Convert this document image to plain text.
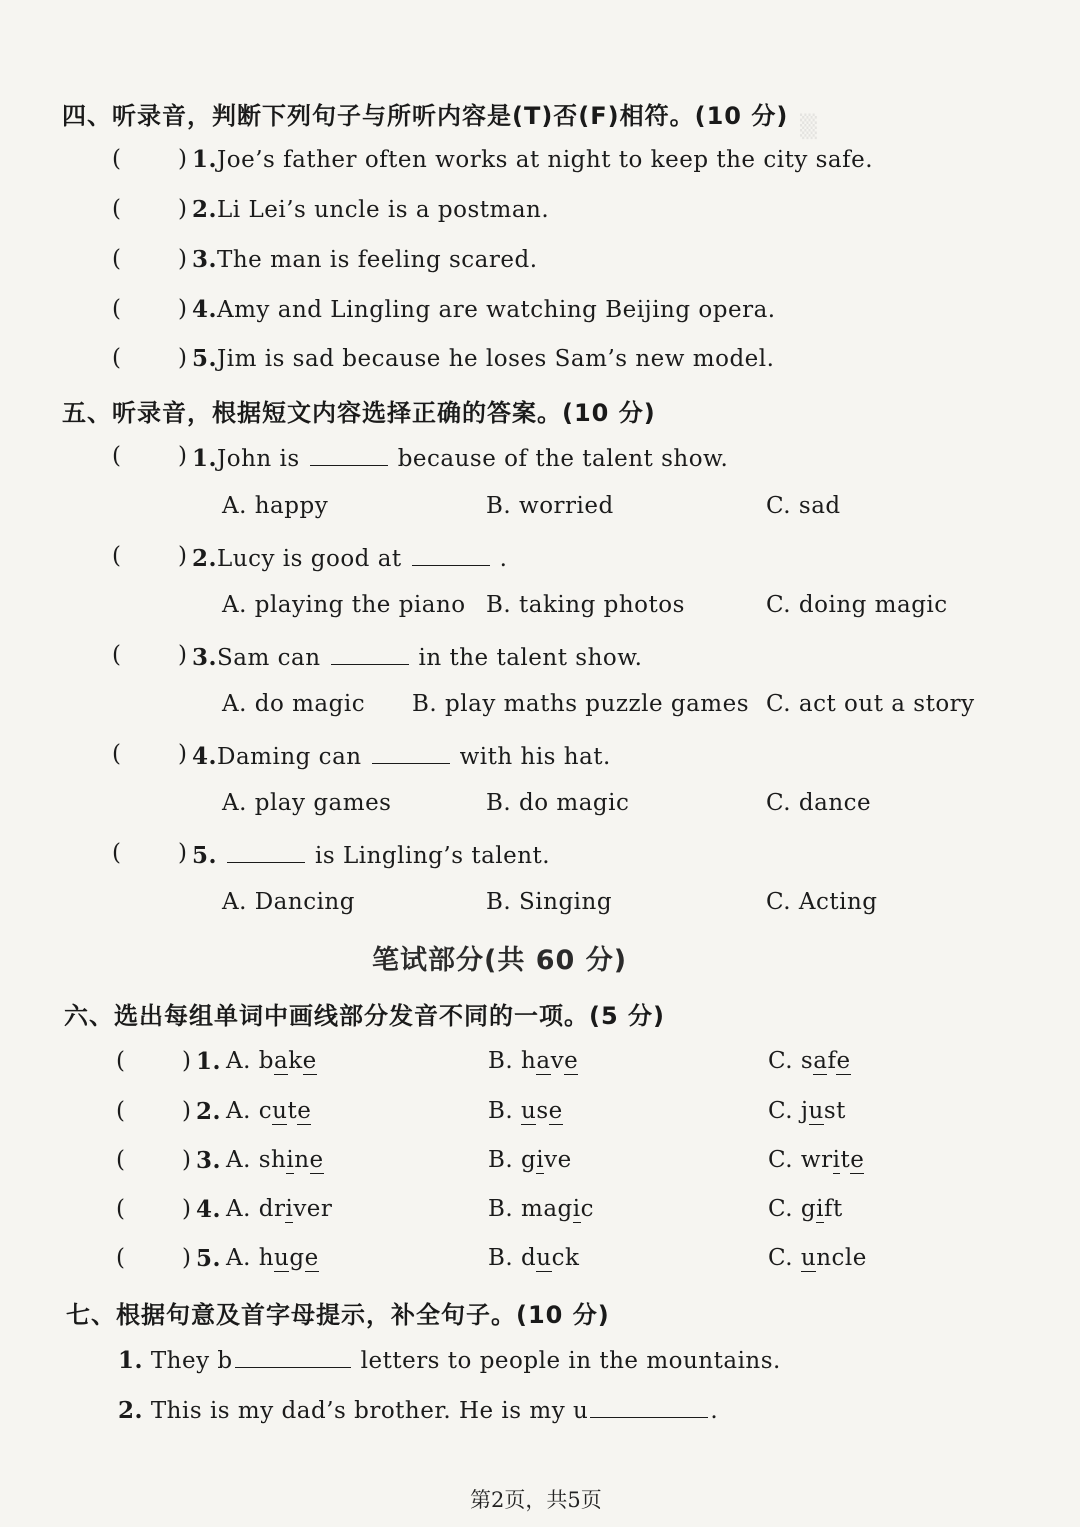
▒
四、听录音，判断下列句子与所听内容是(T)否(F)相符。(10 分)
( ) 1.Joe’s father often works at night to keep the city safe.
( ) 2.Li Lei’s uncle is a postman.
( ) 3.The man is feeling scared.
( ) 4.Amy and Lingling are watching Beijing opera.
( ) 5.Jim is sad because he loses Sam’s new model.
五、听录音，根据短文内容选择正确的答案。(10 分)
( ) 1.John is	because of the talent show.
A. happy	B. worried	C. sad
( ) 2.Lucy is good at	.
A. playing the piano B. taking photos	C. doing magic
( ) 3.Sam can	in the talent show.
A. do magic B. play maths puzzle games C. act out a story
( ) 4.Daming can	with his hat.
A. play games	B. do magic	C. dance
( ) 5.	is Lingling’s talent.
A. Dancing	B. Singing	C. Acting
笔试部分(共 60 分)
六、选出每组单词中画线部分发音不同的一项。(5 分)
( ) 1. A. bake	B. have	C. safe
( ) 2. A. cute	B. use	C. just
( ) 3. A. shine	B. give	C. write
( ) 4. A. driver	B. magic	C. gift
( ) 5. A. huge	B. duck	C. uncle
七、根据句意及首字母提示，补全句子。(10 分)
1. They b	letters to people in the mountains.
2. This is my dad’s brother. He is my u	.
第2页，共5页
